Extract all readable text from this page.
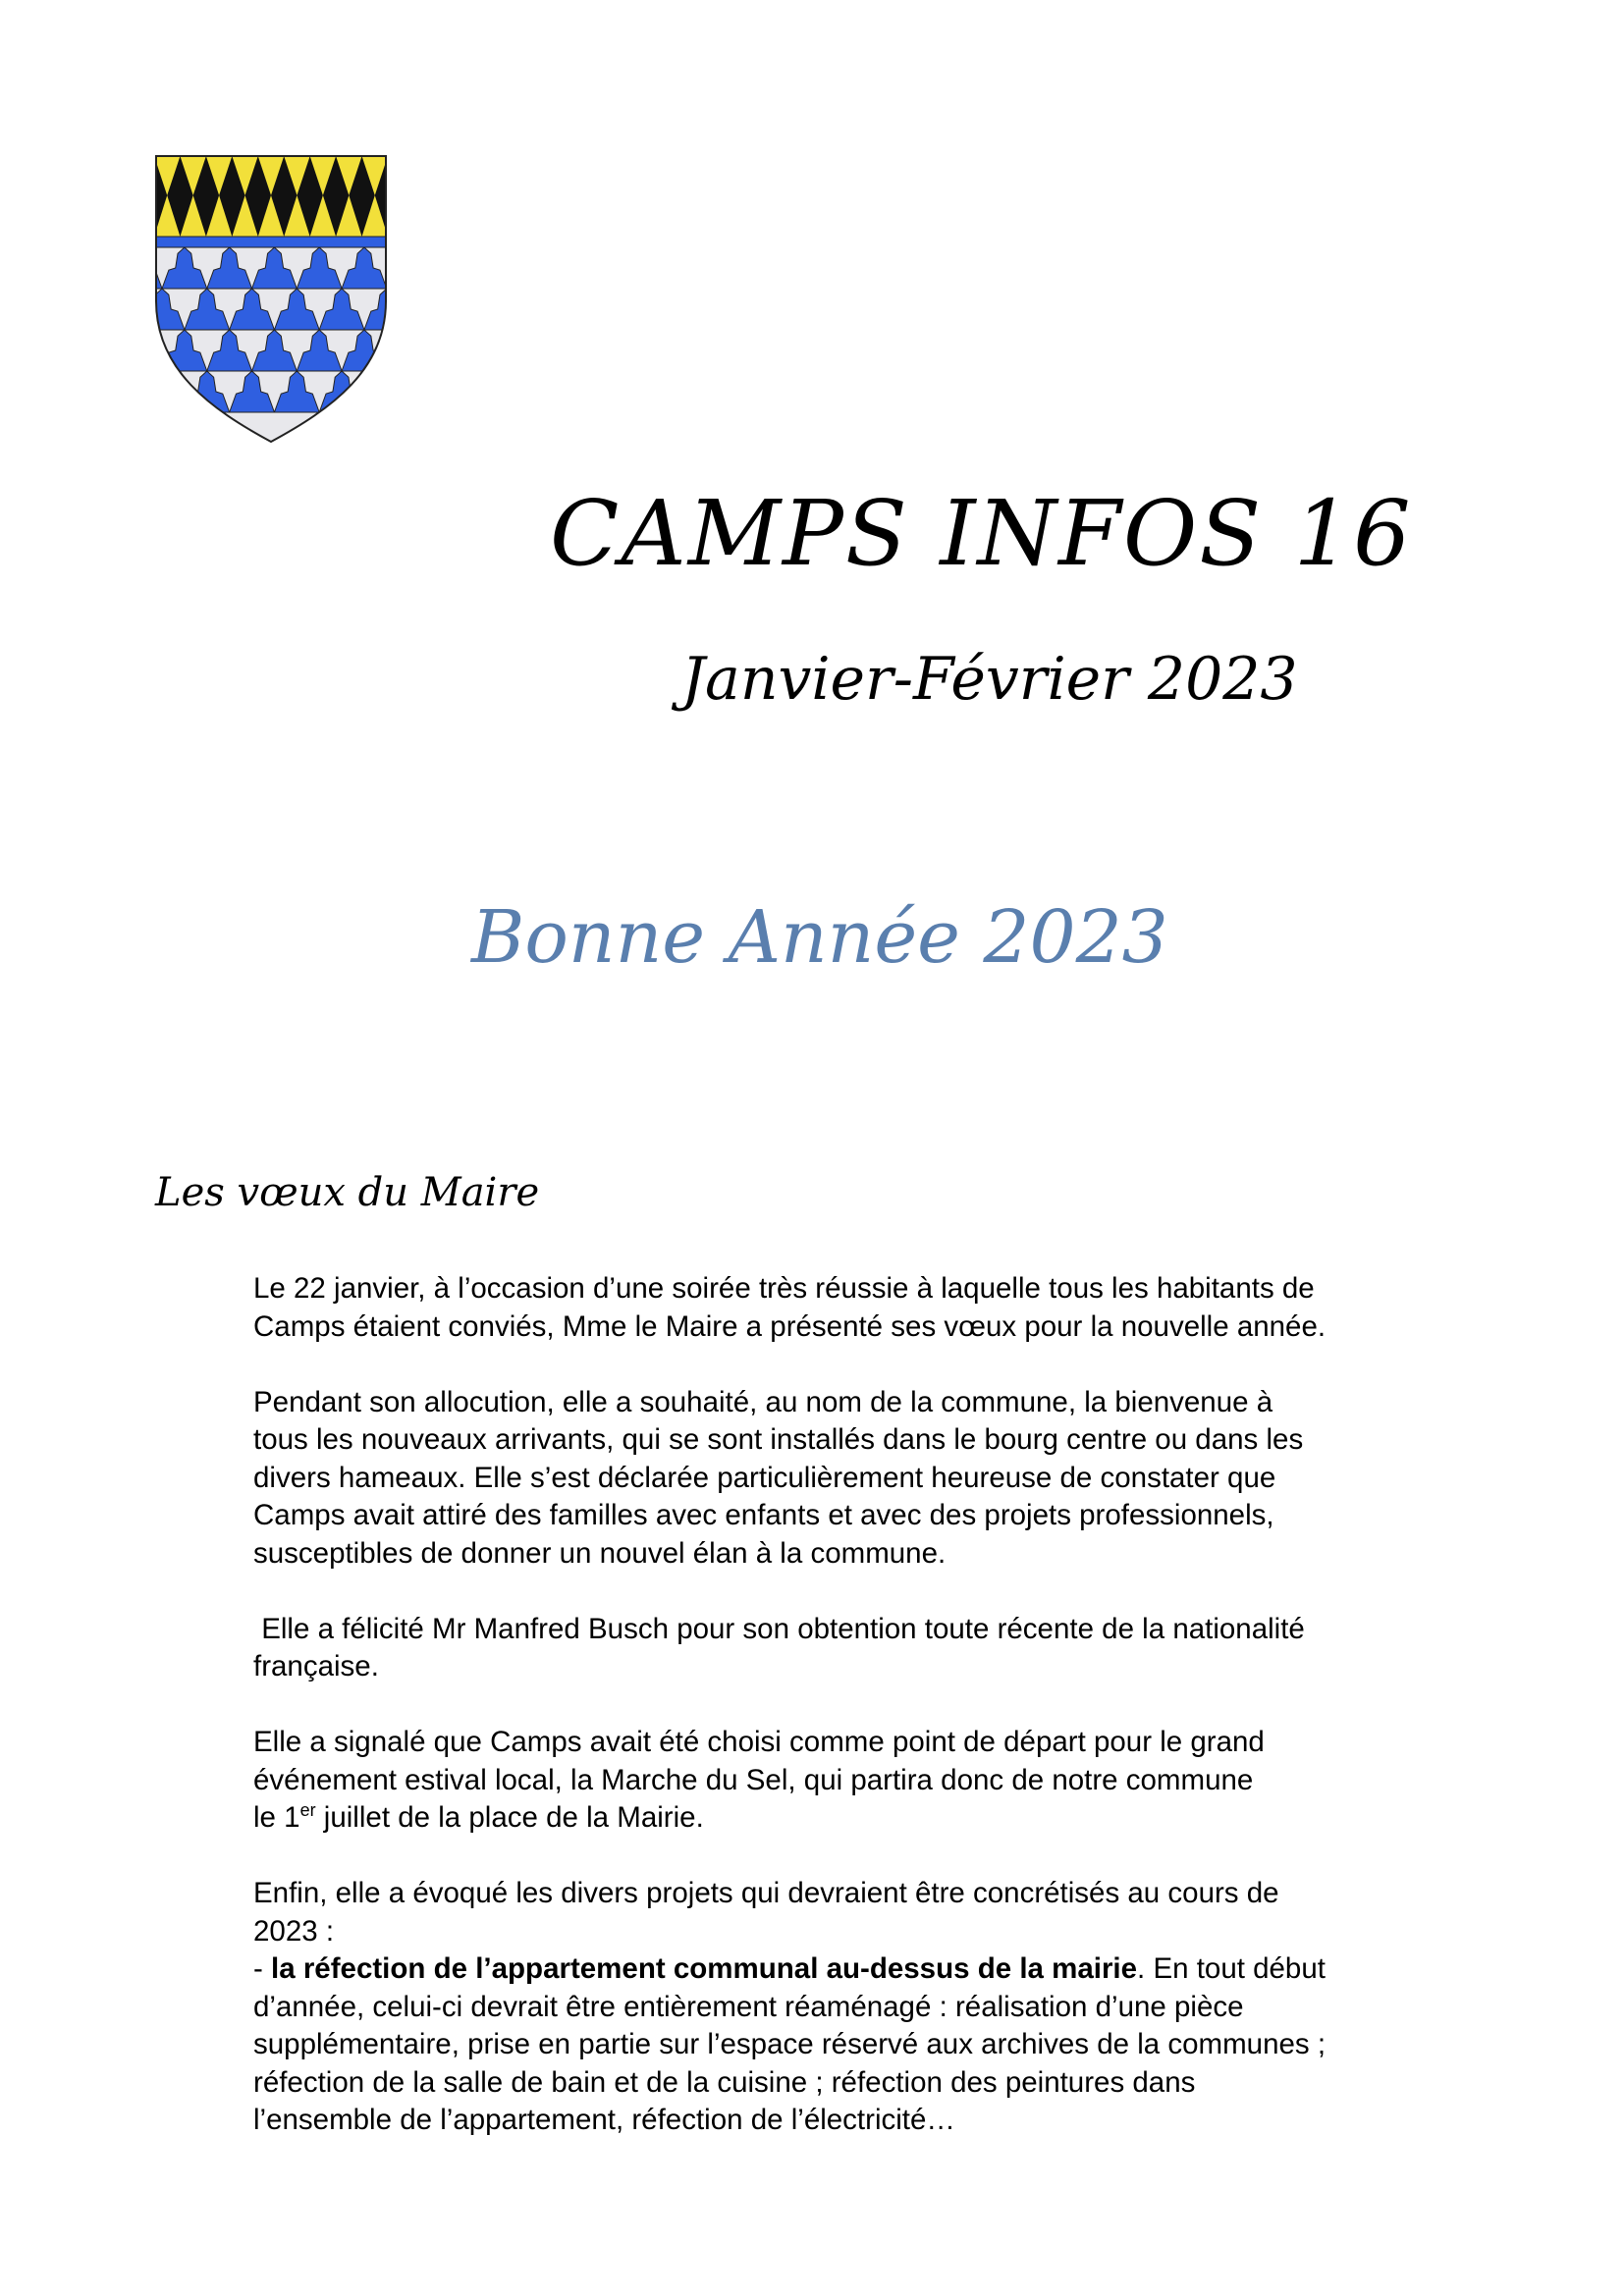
CAMPS INFOS 16
Janvier-Février 2023
Bonne Année 2023
Les vœux du Maire

Le 22 janvier, à l’occasion d’une soirée très réussie à laquelle tous les habitants de
Camps étaient conviés, Mme le Maire a présenté ses vœux pour la nouvelle année.

Pendant son allocution, elle a souhaité, au nom de la commune, la bienvenue à
tous les nouveaux arrivants, qui se sont installés dans le bourg centre ou dans les
divers hameaux. Elle s’est déclarée particulièrement heureuse de constater que
Camps avait attiré des familles avec enfants et avec des projets professionnels,
susceptibles de donner un nouvel élan à la commune.

Elle a félicité Mr Manfred Busch pour son obtention toute récente de la nationalité
française.

Elle a signalé que Camps avait été choisi comme point de départ pour le grand
événement estival local, la Marche du Sel, qui partira donc de notre commune
le 1er juillet de la place de la Mairie.

Enfin, elle a évoqué les divers projets qui devraient être concrétisés au cours de
2023 :
- la réfection de l’appartement communal au-dessus de la mairie. En tout début
d’année, celui-ci devrait être entièrement réaménagé : réalisation d’une pièce
supplémentaire, prise en partie sur l’espace réservé aux archives de la communes ;
réfection de la salle de bain et de la cuisine ; réfection des peintures dans
l’ensemble de l’appartement, réfection de l’électricité…
